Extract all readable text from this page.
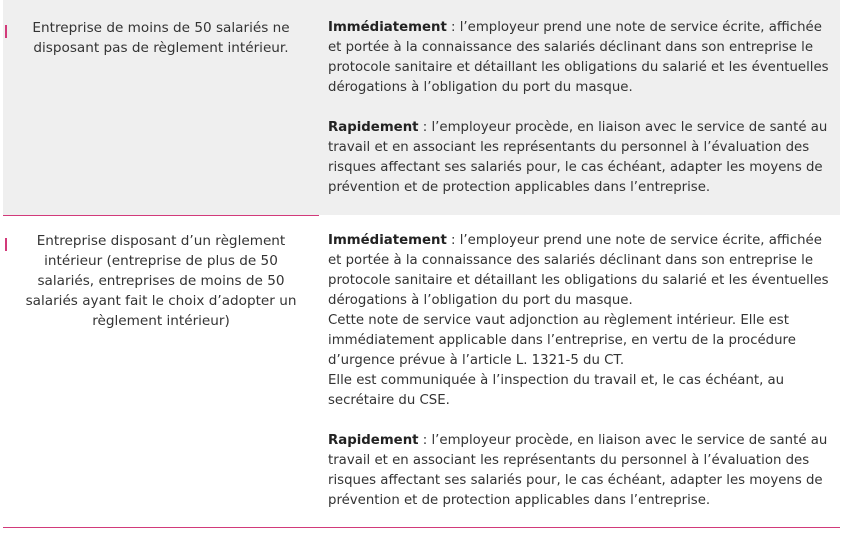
Entreprise de moins de 50 salariés ne disposant pas de règlement intérieur.

Immédiatement : l’employeur prend une note de service écrite, affichée et portée à la connaissance des salariés déclinant dans son entreprise le protocole sanitaire et détaillant les obligations du salarié et les éventuelles dérogations à l’obligation du port du masque.

Rapidement : l’employeur procède, en liaison avec le service de santé au travail et en associant les représentants du personnel à l’évaluation des risques affectant ses salariés pour, le cas échéant, adapter les moyens de prévention et de protection applicables dans l’entreprise.

Entreprise disposant d’un règlement intérieur (entreprise de plus de 50 salariés, entreprises de moins de 50 salariés ayant fait le choix d’adopter un règlement intérieur)

Immédiatement : l’employeur prend une note de service écrite, affichée et portée à la connaissance des salariés déclinant dans son entreprise le protocole sanitaire et détaillant les obligations du salarié et les éventuelles dérogations à l’obligation du port du masque.
Cette note de service vaut adjonction au règlement intérieur. Elle est immédiatement applicable dans l’entreprise, en vertu de la procédure d’urgence prévue à l’article L. 1321-5 du CT.
Elle est communiquée à l’inspection du travail et, le cas échéant, au secrétaire du CSE.

Rapidement : l’employeur procède, en liaison avec le service de santé au travail et en associant les représentants du personnel à l’évaluation des risques affectant ses salariés pour, le cas échéant, adapter les moyens de prévention et de protection applicables dans l’entreprise.
